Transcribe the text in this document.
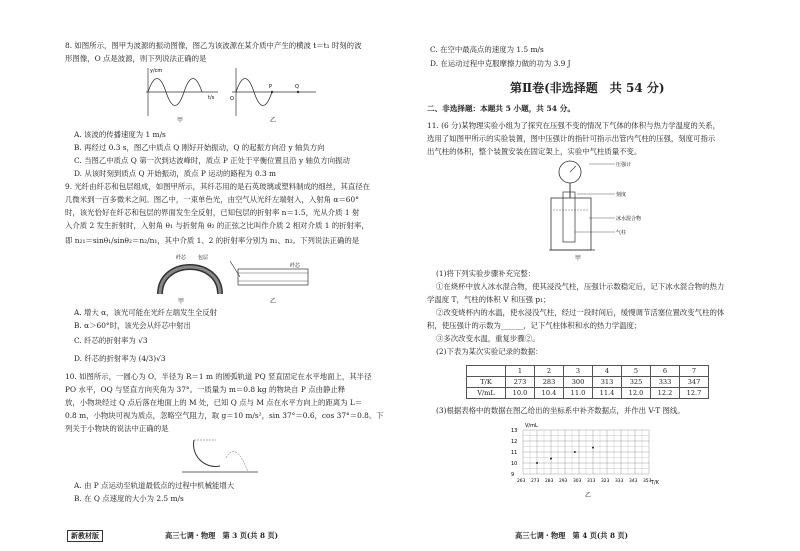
8. 如图所示，图甲为波源的振动图像，图乙为该波源在某介质中产生的横波 t＝t₁ 时刻的波
形图像，O 点是波源，则下列说法正确的是
y/cm
t/s
甲
O
P	Q
乙
A. 该波的传播速度为 1 m/s
B. 再经过 0.3 s，图乙中质点 Q 刚好开始振动，Q 的起振方向沿 y 轴负方向
C. 当图乙中质点 Q 第一次到达波峰时，质点 P 正处于平衡位置且沿 y 轴负方向振动
D. 从该时刻到质点 Q 开始振动，质点 P 运动的路程为 0.3 m
9. 光纤由纤芯和包层组成，如图甲所示，其纤芯用的是石英玻璃或塑料制成的细丝，其直径在
几微米到一百多微米之间。图乙中，一束单色光，由空气从光纤左端射入，入射角 α＝60°
时，该光恰好在纤芯和包层的界面发生全反射，已知包层的折射率 n＝1.5，光从介质 1 射
入介质 2 发生折射时，入射角 θ₁ 与折射角 θ₂ 的正弦之比叫作介质 2 相对介质 1 的折射率，
即 n₂₁＝sinθ₁/sinθ₂＝n₂/n₁，其中介质 1、2 的折射率分别为 n₁、n₂。下列说法正确的是
纤芯 包层
甲
纤芯
乙
A. 增大 α，该光可能在光纤左端发生全反射
B. α＞60°时，该光会从纤芯中射出
C. 纤芯的折射率为 √3
D. 纤芯的折射率为 (4/3)√3
10. 如图所示，一圆心为 O、半径为 R＝1 m 的圆弧轨道 PQ 竖直固定在水平地面上，其半径
PO 水平，OQ 与竖直方向夹角为 37°。一质量为 m＝0.8 kg 的物块自 P 点由静止释
放，小物块经过 Q 点后落在地面上的 M 处，已知 Q 点与 M 点在水平方向上的距离为 L＝
0.8 m，小物块可视为质点，忽略空气阻力，取 g＝10 m/s²，sin 37°＝0.6，cos 37°＝0.8。下
列关于小物块的说法中正确的是
A. 由 P 点运动至轨道最低点的过程中机械能增大
B. 在 Q 点速度的大小为 2.5 m/s
新教材版	高三七调・物理　第 3 页(共 8 页)
C. 在空中最高点的速度为 1.5 m/s
D. 在运动过程中克服摩擦力做的功为 3.9 J
第Ⅱ卷(非选择题　共 54 分)
二、非选择题：本题共 5 小题，共 54 分。
11. (6 分)某物理实验小组为了探究在压强不变的情况下气体的体积与热力学温度的关系，
选用了如图甲所示的实验装置，图中压强计的指针可指示出管内气柱的压强，刻度可指示
出气柱的体积，整个装置安装在固定架上，实验中气柱质量不变。
压强计
刻度
冰水混合物
气柱
甲
(1)将下列实验步骤补充完整：
①在烧杯中放入冰水混合物，使其浸没气柱，压强计示数稳定后，记下冰水混合物的热力
学温度 T，气柱的体积 V 和压强 p₁；
②改变烧杯内的水温，使水浸没气柱，经过一段时间后，缓慢调节活塞位置改变气柱的体
积，使压强计的示数为______，记下气柱体积和水的热力学温度；
③多次改变水温，重复步骤②。
(2)下表为某次实验记录的数据：
	1	2	3	4	5	6	7
T/K	273	283	300	313	325	333	347
V/mL	10.0	10.4	11.0	11.4	12.0	12.2	12.7
(3)根据表格中的数据在图乙给出的坐标系中补齐数据点，并作出 V-T 图线。
13
12
11
10
9
263 273 283 293 303 313 323 333 343 353
V/mL
T/K
乙
高三七调・物理　第 4 页(共 8 页)
